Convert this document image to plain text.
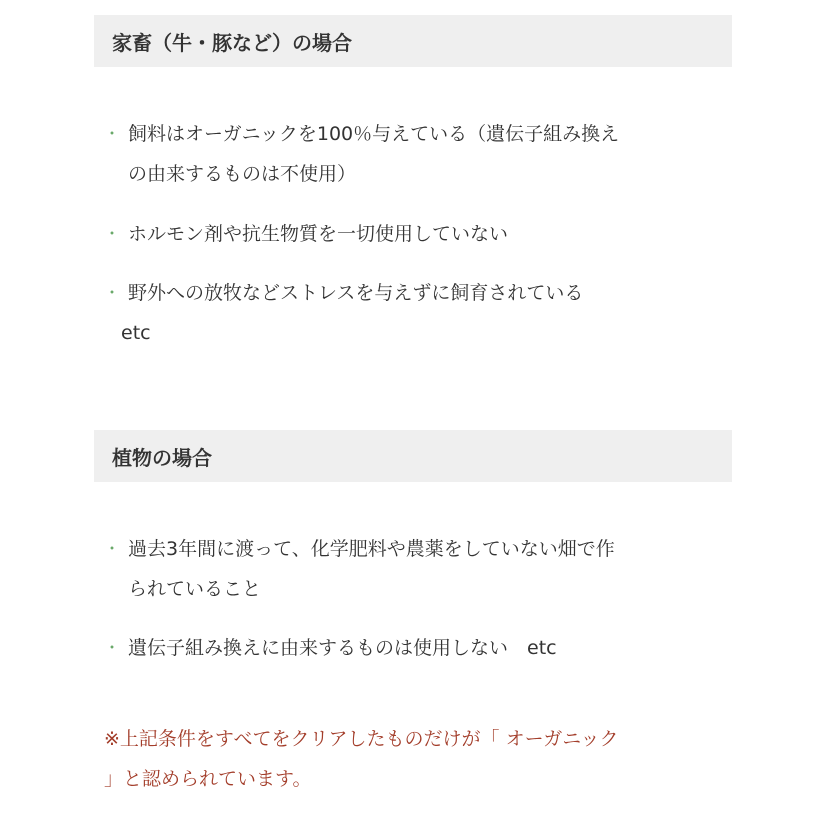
家畜（牛・豚など）の場合
・ 飼料はオーガニックを100％与えている（遺伝子組み換え
の由来するものは不使用）
・ ホルモン剤や抗生物質を一切使用していない
・ 野外への放牧などストレスを与えずに飼育されている
etc
植物の場合
・ 過去3年間に渡って、化学肥料や農薬をしていない畑で作
られていること
・ 遺伝子組み換えに由来するものは使用しない　etc
※上記条件をすべてをクリアしたものだけが「 オーガニック
」と認められています。
